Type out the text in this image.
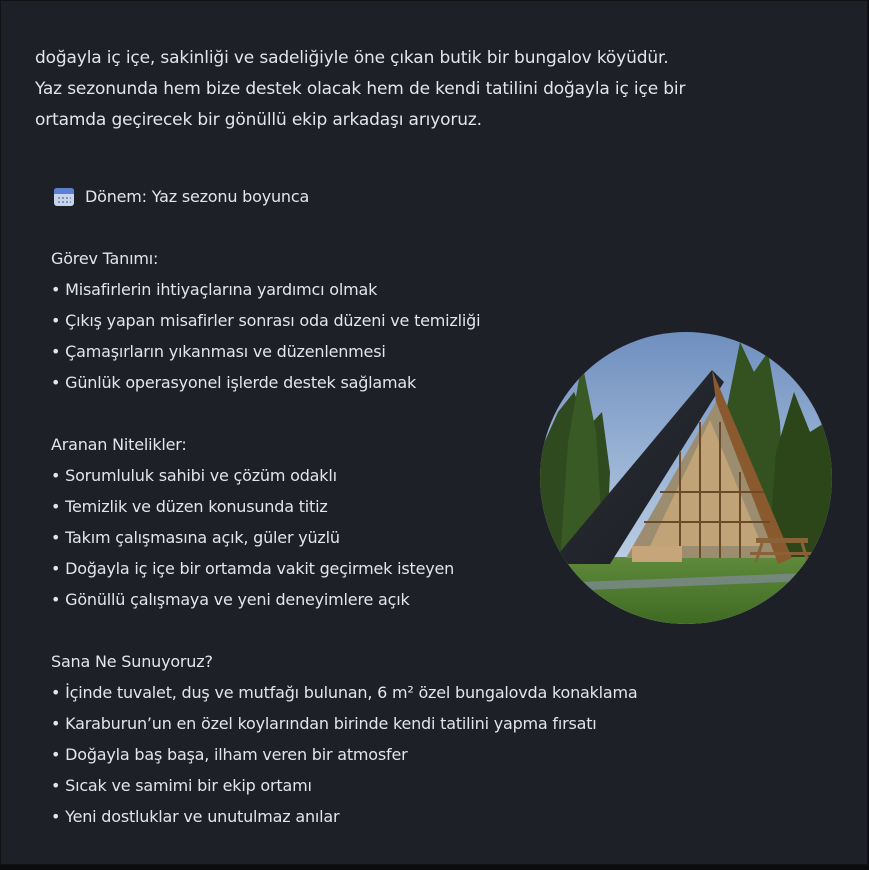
doğayla iç içe, sakinliği ve sadeliğiyle öne çıkan butik bir bungalov köyüdür.
Yaz sezonunda hem bize destek olacak hem de kendi tatilini doğayla iç içe bir
ortamda geçirecek bir gönüllü ekip arkadaşı arıyoruz.

Dönem: Yaz sezonu boyunca
Görev Tanımı:
• Misafirlerin ihtiyaçlarına yardımcı olmak
• Çıkış yapan misafirler sonrası oda düzeni ve temizliği
• Çamaşırların yıkanması ve düzenlenmesi
• Günlük operasyonel işlerde destek sağlamak
Aranan Nitelikler:
• Sorumluluk sahibi ve çözüm odaklı
• Temizlik ve düzen konusunda titiz
• Takım çalışmasına açık, güler yüzlü
• Doğayla iç içe bir ortamda vakit geçirmek isteyen
• Gönüllü çalışmaya ve yeni deneyimlere açık
Sana Ne Sunuyoruz?
• İçinde tuvalet, duş ve mutfağı bulunan, 6 m² özel bungalovda konaklama
• Karaburun’un en özel koylarından birinde kendi tatilini yapma fırsatı
• Doğayla baş başa, ilham veren bir atmosfer
• Sıcak ve samimi bir ekip ortamı
• Yeni dostluklar ve unutulmaz anılar
